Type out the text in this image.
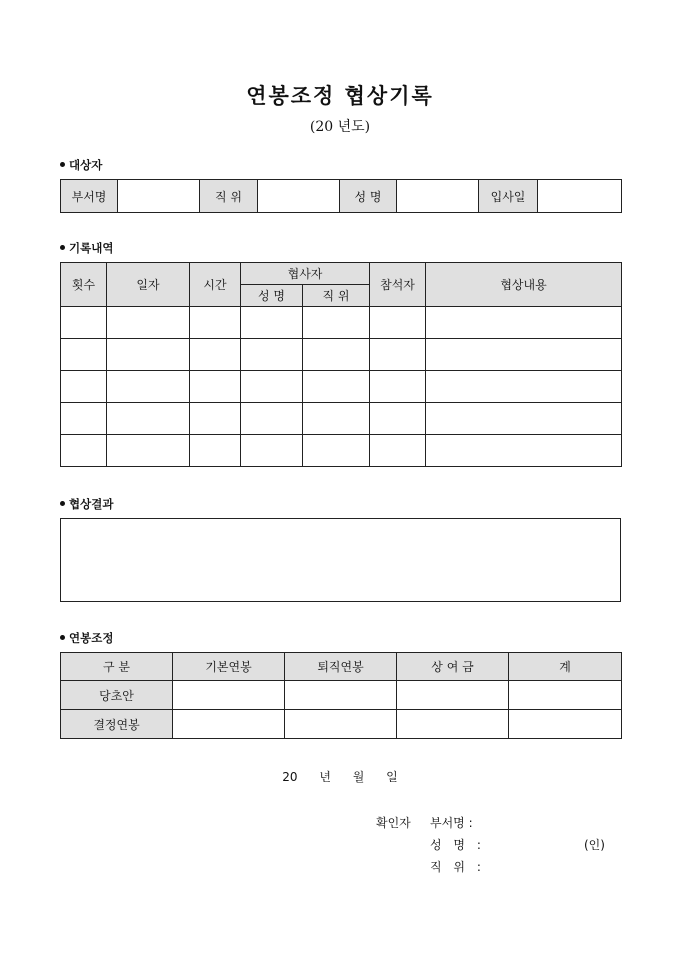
연봉조정 협상기록
(20 년도)
대상자
부서명		직 위		성 명		입사일	
기록내역
횟수	일자	시간	협사자		참석자	협상내용
			성 명	직 위		

협상결과
연봉조정
구 분	기본연봉	퇴직연봉	상 여 금	계
당초안				
결정연봉				
20 년 월 일
확인자 부서명 :
성 명 :	(인)
직 위 :
